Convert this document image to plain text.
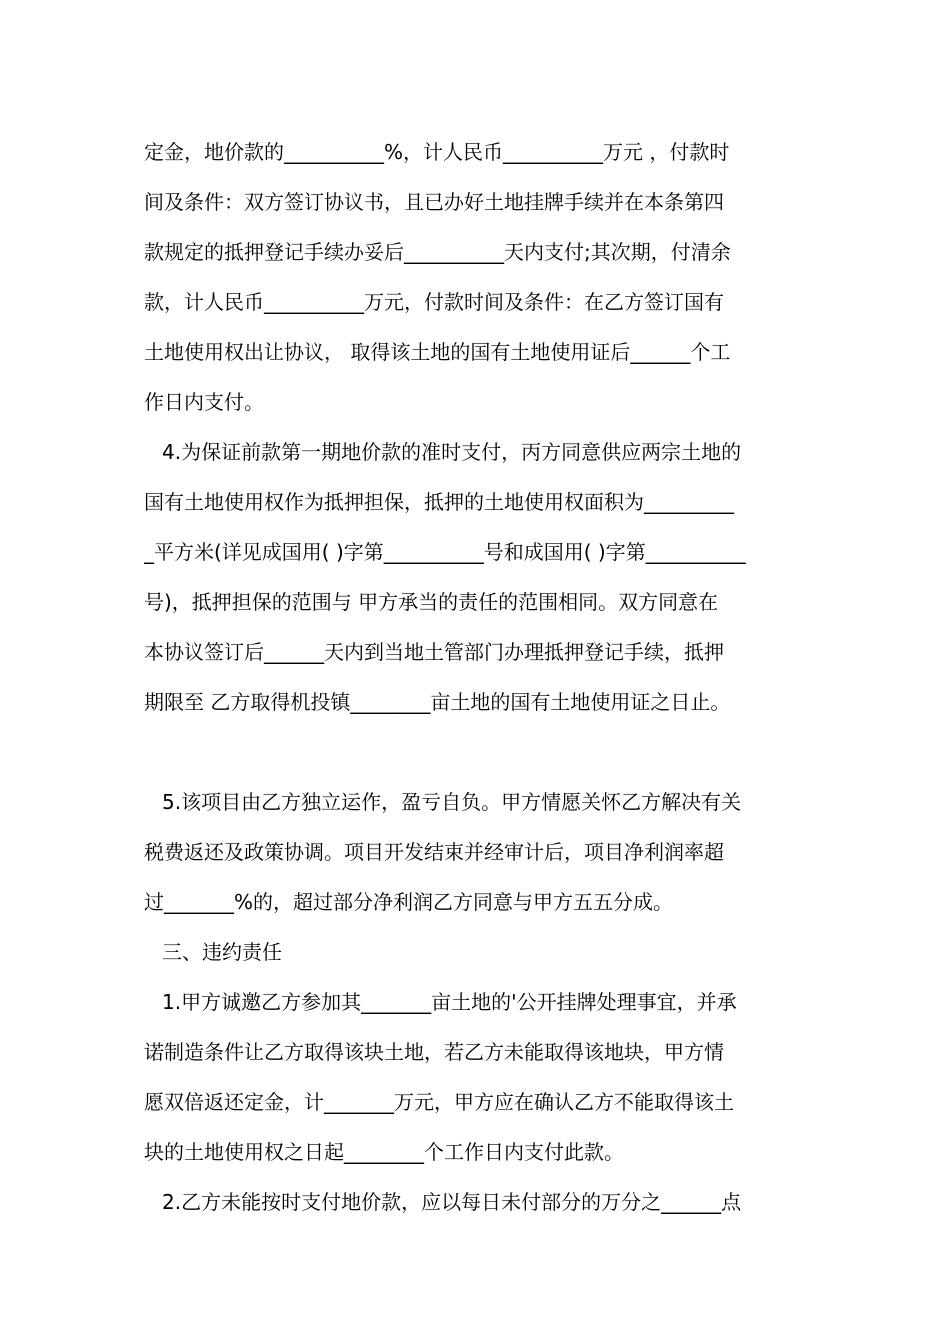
定金，地价款的__________%，计人民币__________万元 ，付款时
间及条件：双方签订协议书，且已办好土地挂牌手续并在本条第四
款规定的抵押登记手续办妥后__________天内支付;其次期，付清余
款，计人民币__________万元，付款时间及条件：在乙方签订国有
土地使用权出让协议， 取得该土地的国有土地使用证后______个工
作日内支付。
4.为保证前款第一期地价款的准时支付，丙方同意供应两宗土地的
国有土地使用权作为抵押担保，抵押的土地使用权面积为_________
_平方米(详见成国用( )字第__________号和成国用( )字第__________
号)，抵押担保的范围与 甲方承当的责任的范围相同。双方同意在
本协议签订后______天内到当地土管部门办理抵押登记手续，抵押
期限至 乙方取得机投镇________亩土地的国有土地使用证之日止。
5.该项目由乙方独立运作，盈亏自负。甲方情愿关怀乙方解决有关
税费返还及政策协调。项目开发结束并经审计后，项目净利润率超
过_______%的，超过部分净利润乙方同意与甲方五五分成。
三、违约责任
1.甲方诚邀乙方参加其_______亩土地的'公开挂牌处理事宜，并承
诺制造条件让乙方取得该块土地，若乙方未能取得该地块，甲方情
愿双倍返还定金，计_______万元，甲方应在确认乙方不能取得该土
块的土地使用权之日起________个工作日内支付此款。
2.乙方未能按时支付地价款，应以每日未付部分的万分之______点
